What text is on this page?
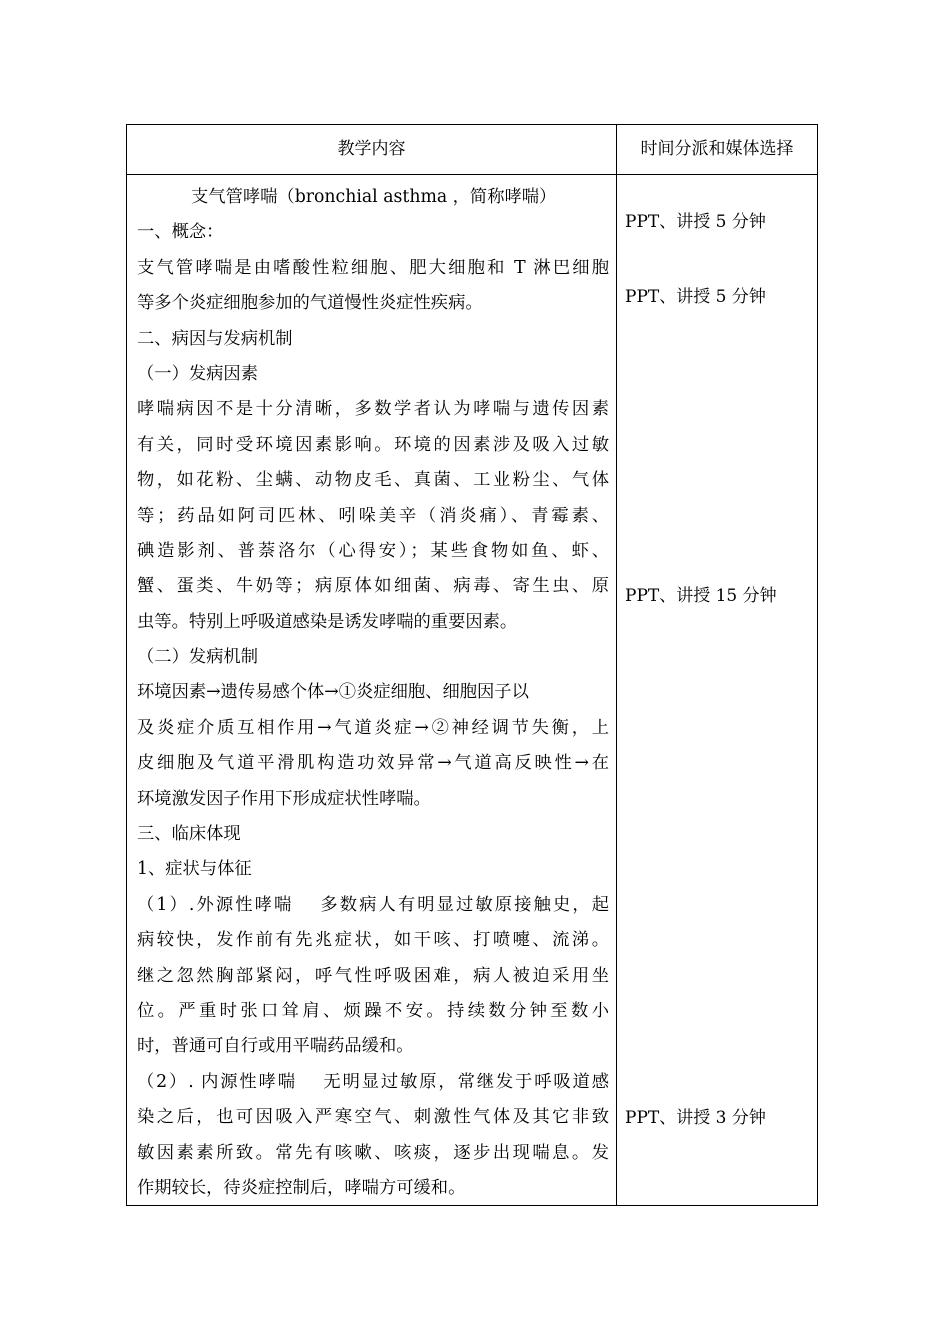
教学内容	时间分派和媒体选择
支气管哮喘（bronchial asthma ，简称哮喘）
一、概念：
支气管哮喘是由嗜酸性粒细胞、肥大细胞和 T 淋巴细胞
等多个炎症细胞参加的气道慢性炎症性疾病。
二、病因与发病机制
（一）发病因素
哮喘病因不是十分清晰，多数学者认为哮喘与遗传因素
有关，同时受环境因素影响。环境的因素涉及吸入过敏
物，如花粉、尘螨、动物皮毛、真菌、工业粉尘、气体
等；药品如阿司匹林、吲哚美辛（消炎痛）、青霉素、
碘造影剂、普萘洛尔（心得安）；某些食物如鱼、虾、
蟹、蛋类、牛奶等；病原体如细菌、病毒、寄生虫、原
虫等。特别上呼吸道感染是诱发哮喘的重要因素。
（二）发病机制
环境因素→遗传易感个体→①炎症细胞、细胞因子以
及炎症介质互相作用→气道炎症→②神经调节失衡，上
皮细胞及气道平滑肌构造功效异常→气道高反映性→在
环境激发因子作用下形成症状性哮喘。
三、临床体现
1、症状与体征
（1）.外源性哮喘　 多数病人有明显过敏原接触史，起
病较快，发作前有先兆症状，如干咳、打喷嚏、流涕。
继之忽然胸部紧闷，呼气性呼吸困难，病人被迫采用坐
位。严重时张口耸肩、烦躁不安。持续数分钟至数小
时，普通可自行或用平喘药品缓和。
（2）. 内源性哮喘　 无明显过敏原，常继发于呼吸道感
染之后，也可因吸入严寒空气、刺激性气体及其它非致
敏因素素所致。常先有咳嗽、咳痰，逐步出现喘息。发
作期较长，待炎症控制后，哮喘方可缓和。
PPT、讲授 5 分钟
PPT、讲授 5 分钟
PPT、讲授 15 分钟
PPT、讲授 3 分钟
